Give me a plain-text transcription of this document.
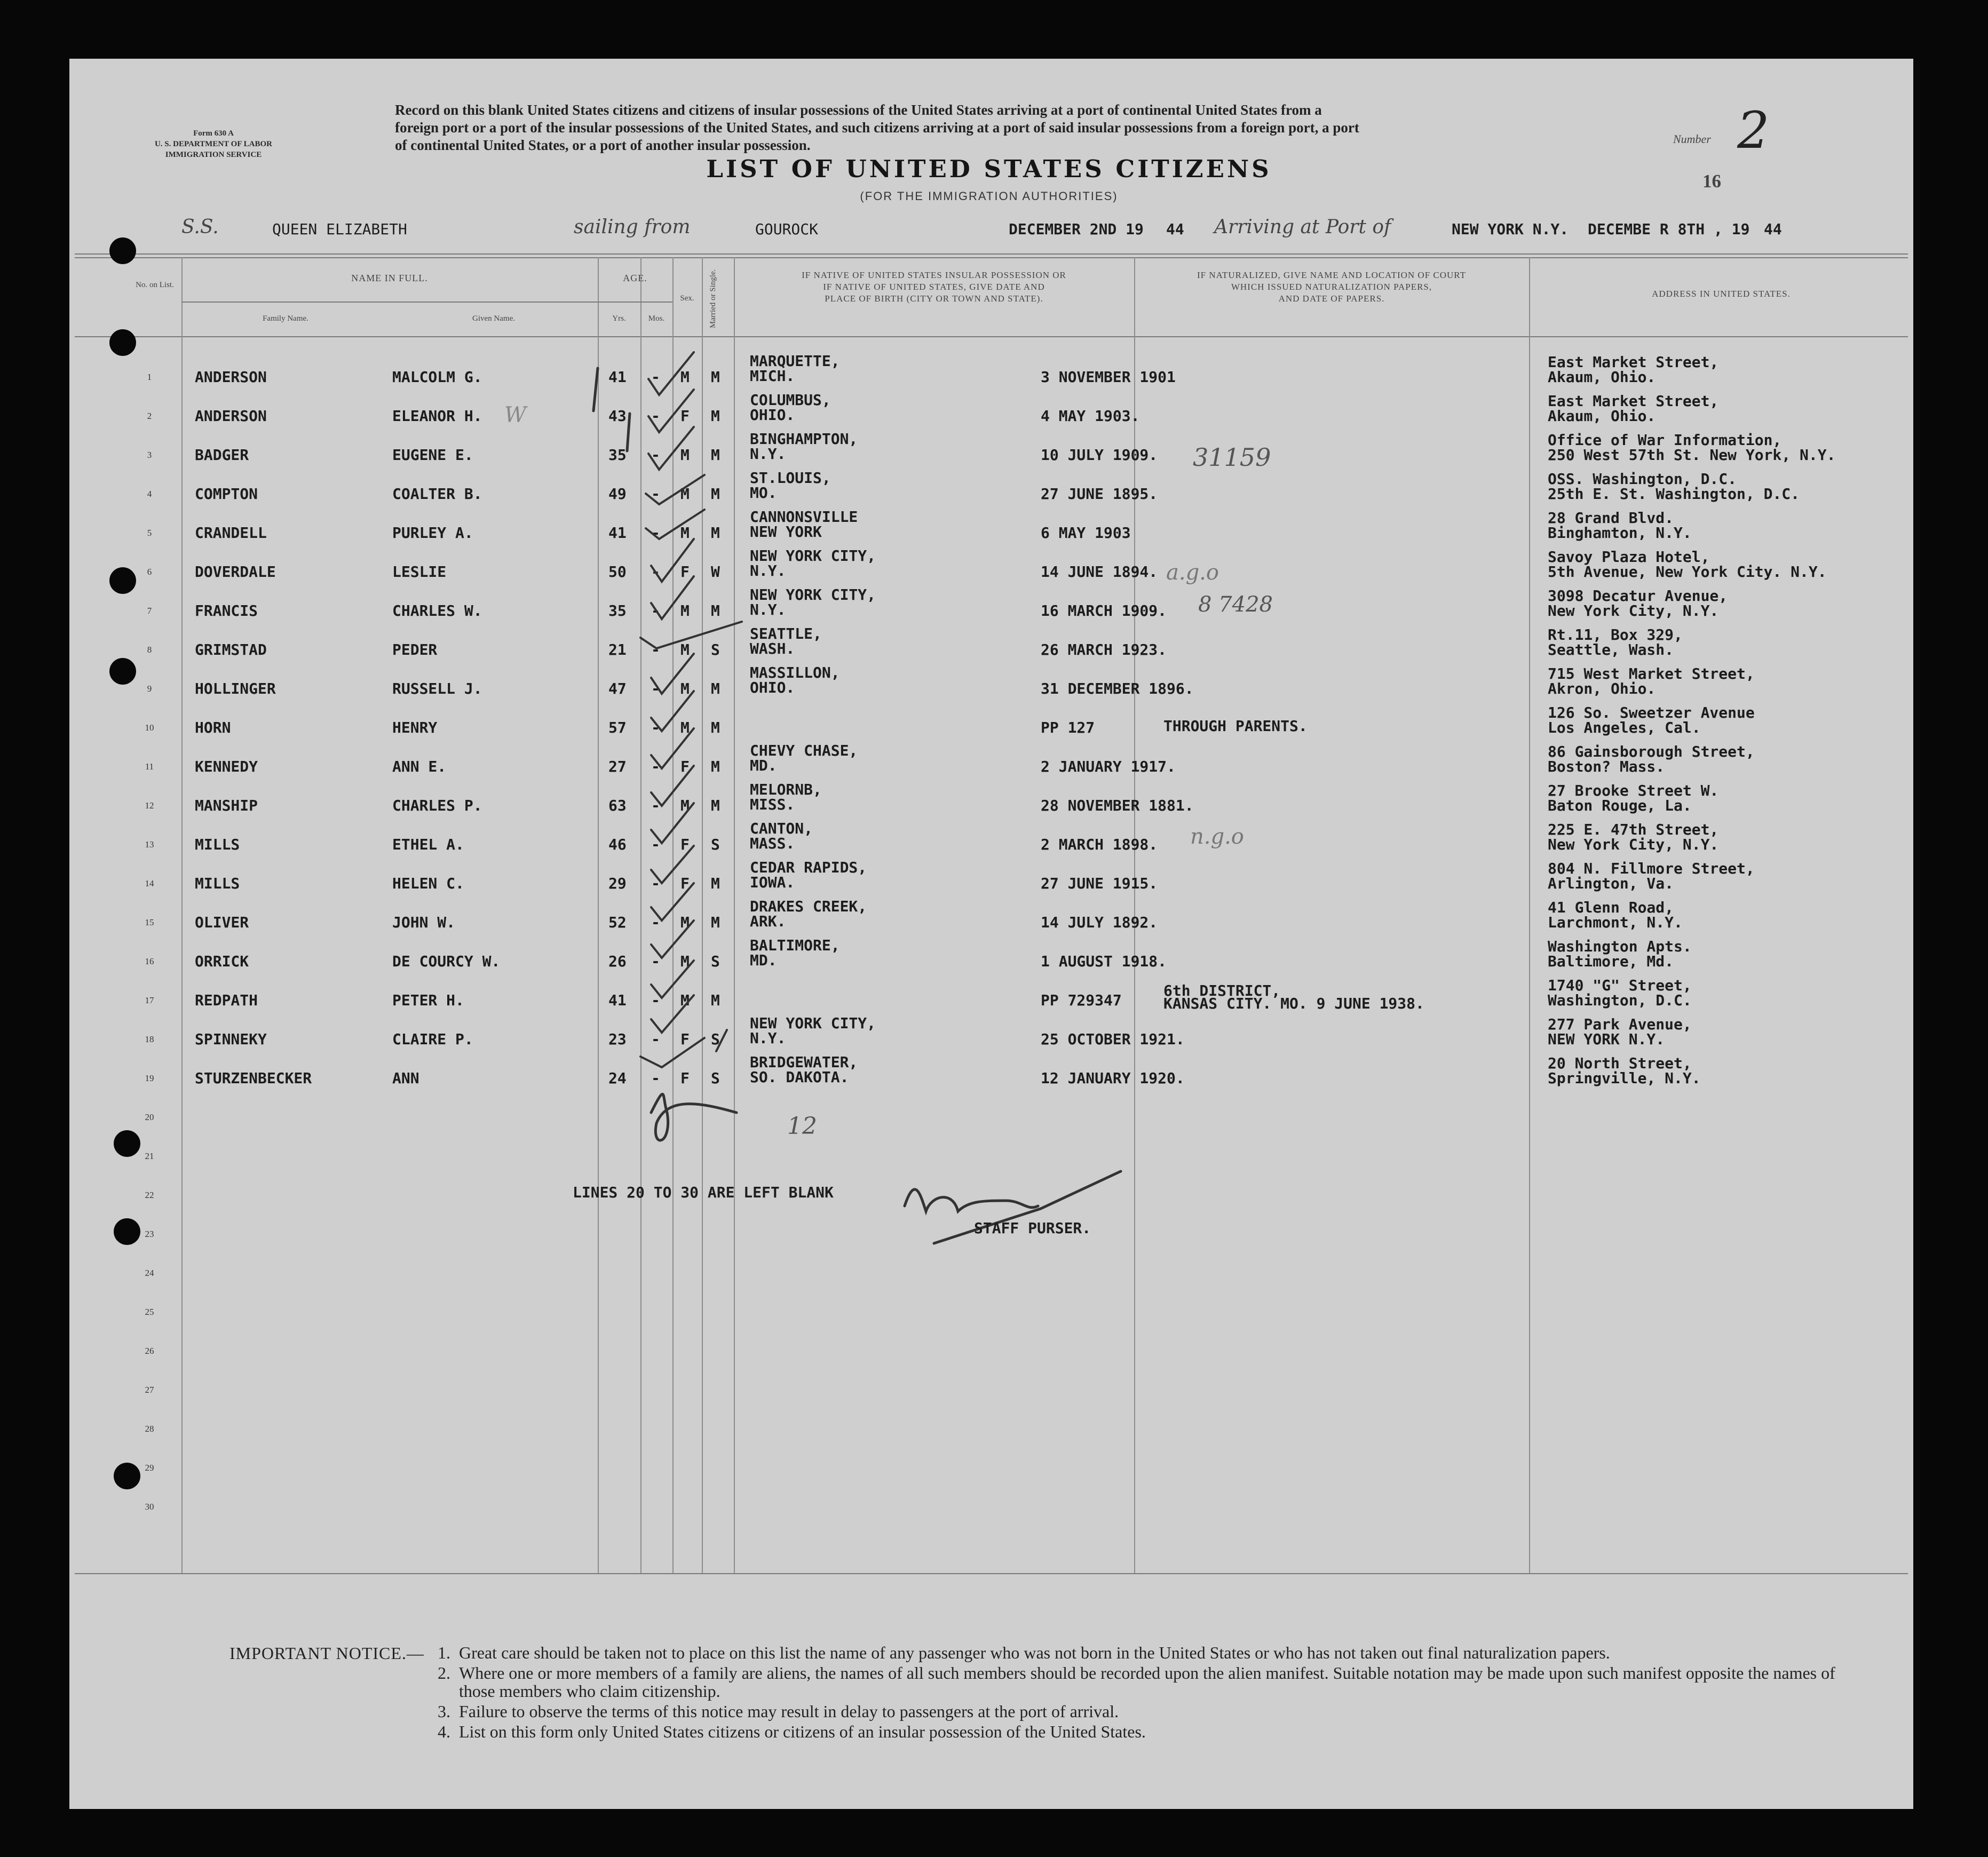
Form 630 A
U. S. DEPARTMENT OF LABOR
IMMIGRATION SERVICE
Record on this blank United States citizens and citizens of insular possessions of the United States arriving at a port of continental United States from a
foreign port or a port of the insular possessions of the United States, and such citizens arriving at a port of said insular possessions from a foreign port, a port
of continental United States, or a port of another insular possession.	Number 2
16
LIST OF UNITED STATES CITIZENS
(FOR THE IMMIGRATION AUTHORITIES)
S.S.	QUEEN ELIZABETH	sailing from	GOUROCK	DECEMBER 2ND 19 44 Arriving at Port of	NEW YORK N.Y. DECEMBE R 8TH , 19 44
No. on List.
NAME IN FULL.
Family Name.	Given Name.
AGE.
Yrs.	Mos.
Sex.	Married or Single.	IF NATIVE OF UNITED STATES INSULAR POSSESSION OR
IF NATIVE OF UNITED STATES, GIVE DATE AND
PLACE OF BIRTH (CITY OR TOWN AND STATE).
IF NATURALIZED, GIVE NAME AND LOCATION OF COURT
WHICH ISSUED NATURALIZATION PAPERS,
AND DATE OF PAPERS.	ADDRESS IN UNITED STATES.
1	ANDERSON	MALCOLM G.	41 - M M
MARQUETTE,
MICH.	3 NOVEMBER 1901
East Market Street,
Akaum, Ohio.
2	ANDERSON	ELEANOR H.	43 - F M
COLUMBUS,
OHIO.	4 MAY 1903.
East Market Street,
Akaum, Ohio.
3	BADGER	EUGENE E.	35 - M M
BINGHAMPTON,
N.Y.	10 JULY 1909.
Office of War Information,
250 West 57th St. New York, N.Y.
4	COMPTON	COALTER B.	49 - M M
ST.LOUIS,
MO.	27 JUNE 1895.
OSS. Washington, D.C.
25th E. St. Washington, D.C.
5	CRANDELL	PURLEY A.	41 - M M
CANNONSVILLE
NEW YORK	6 MAY 1903
28 Grand Blvd.
Binghamton, N.Y.
6	DOVERDALE	LESLIE	50 - F W
NEW YORK CITY,
N.Y.	14 JUNE 1894.
Savoy Plaza Hotel,
5th Avenue, New York City. N.Y.
7	FRANCIS	CHARLES W.	35 - M M
NEW YORK CITY,
N.Y.	16 MARCH 1909.
3098 Decatur Avenue,
New York City, N.Y.
8	GRIMSTAD	PEDER	21 - M S
SEATTLE,
WASH.	26 MARCH 1923.
Rt.11, Box 329,
Seattle, Wash.
9	HOLLINGER	RUSSELL J.	47 - M M
MASSILLON,
OHIO.	31 DECEMBER 1896.
715 West Market Street,
Akron, Ohio.
10	HORN	HENRY	57 - M M	PP 127	THROUGH PARENTS.
126 So. Sweetzer Avenue
Los Angeles, Cal.
11	KENNEDY	ANN E.	27 - F M
CHEVY CHASE,
MD.	2 JANUARY 1917.
86 Gainsborough Street,
Boston? Mass.
12	MANSHIP	CHARLES P.	63 - M M
MELORNB,
MISS.	28 NOVEMBER 1881.
27 Brooke Street W.
Baton Rouge, La.
13	MILLS	ETHEL A.	46 - F S
CANTON,
MASS.	2 MARCH 1898.
225 E. 47th Street,
New York City, N.Y.
14	MILLS	HELEN C.	29 - F M
CEDAR RAPIDS,
IOWA.	27 JUNE 1915.
804 N. Fillmore Street,
Arlington, Va.
15	OLIVER	JOHN W.	52 - M M
DRAKES CREEK,
ARK.	14 JULY 1892.
41 Glenn Road,
Larchmont, N.Y.
16	ORRICK	DE COURCY W.	26 - M S
BALTIMORE,
MD.	1 AUGUST 1918.
Washington Apts.
Baltimore, Md.
17	REDPATH	PETER H.	41 - M M	PP 729347
6th DISTRICT,
KANSAS CITY. MO. 9 JUNE 1938.
1740 "G" Street,
Washington, D.C.
18	SPINNEKY	CLAIRE P.	23 - F S
NEW YORK CITY,
N.Y.	25 OCTOBER 1921.
277 Park Avenue,
NEW YORK N.Y.
19	STURZENBECKER	ANN	24 - F S
BRIDGEWATER,
SO. DAKOTA.	12 JANUARY 1920.
20 North Street,
Springville, N.Y.
20
21
22
23
24
25
26
27
28
29
30
31159
a.g.o
8 7428
n.g.o
12
W
LINES 20 TO 30 ARE LEFT BLANK
STAFF PURSER.
IMPORTANT NOTICE.— 1. Great care should be taken not to place on this list the name of any passenger who was not born in the United States or who has not taken out final naturalization papers.
2. Where one or more members of a family are aliens, the names of all such members should be recorded upon the alien manifest. Suitable notation may be made upon such manifest opposite the names of those members who claim citizenship.
3. Failure to observe the terms of this notice may result in delay to passengers at the port of arrival.
4. List on this form only United States citizens or citizens of an insular possession of the United States.
